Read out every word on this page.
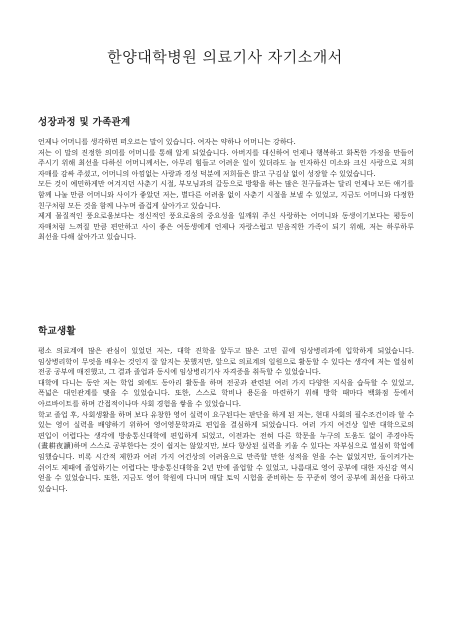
한양대학병원 의료기사 자기소개서
성장과정 및 가족관계

언제나 어머니를 생각하면 떠오르는 말이 있습니다. 여자는 약하나 어머니는 강하다.

저는 이 말의 진정한 의미를 어머니를 통해 알게 되었습니다. 아버지를 대신하여 언제나 행복하고 화목한 가정을 만들어 주시기 위해 최선을 다하신 어머니께서는, 아무리 힘들고 어려운 일이 있더라도 늘 인자하신 미소와 크신 사랑으로 저희 자매를 감싸 주셨고, 어머니의 아낌없는 사랑과 경성 덕분에 저희들은 밝고 구김살 없이 성장할 수 있었습니다.

모든 것이 예민하게만 여겨지던 사춘기 시절, 부모님과의 갈등으로 방황을 하는 많은 친구들과는 달리 언제나 모든 얘기를 함께 나눌 만큼 어머니와 사이가 좋았던 저는, 별다른 어려움 없이 사춘기 시절을 보낼 수 있었고, 지금도 어머니와 다정한 친구처럼 모든 것을 함께 나누며 즐겁게 살아가고 있습니다.

제게 물질적인 풍요로움보다는 정신적인 풍요로움의 중요성을 일깨워 주신 사랑하는 어머니와 동생이기보다는 평등이 자매처럼 느껴질 만큼 편안하고 사이 좋은 여동생에게 언제나 자랑스럽고 믿음직한 가족이 되기 위해, 저는 하루하루 최선을 다해 살아가고 있습니다.

학교생활

평소 의료계에 많은 관심이 있었던 저는, 대학 진학을 앞두고 많은 고민 끝에 임상병리과에 입학하게 되었습니다. 임상병리학이 무엇을 배우는 것인지 잘 알지는 못했지만, 앞으로 의료계의 일원으로 활동할 수 있다는 생각에 저는 열심히 전공 공부에 매진했고, 그 결과 졸업과 동시에 임상병리기사 자격증을 취득할 수 있었습니다.

대학에 다니는 동안 저는 학업 외에도 동아리 활동을 하며 전공과 관련된 여러 가지 다양한 지식을 습득할 수 있었고, 폭넓은 대인관계를 맺을 수 있었습니다. 또한, 스스로 학비나 용돈을 마련하기 위해 방학 때마다 백화점 등에서 아르바이트를 하며 간접적이나마 사회 경험을 쌓을 수 있었습니다.

학교 졸업 후, 사회생활을 하며 보다 유창한 영어 실력이 요구된다는 판단을 하게 된 저는, 현대 사회의 필수조건이라 할 수 있는 영어 실력을 배양하기 위하여 영어영문학과로 편입을 결심하게 되었습니다. 여러 가지 여건상 일반 대학으로의 편입이 어렵다는 생각에 방송통신대학에 편입하게 되었고, 이전과는 전혀 다른 학문을 누구의 도움도 없이 주경야독(晝耕夜讀)하며 스스로 공부한다는 것이 쉽지는 않았지만, 보다 향상된 실력을 키울 수 있다는 자부심으로 열심히 학업에 임했습니다. 비록 시간적 제한과 여러 가지 여건상의 어려움으로 만족할 만한 성적을 얻을 수는 없었지만, 돌이켜가는 쉬어도 제때에 졸업하기는 어렵다는 방송통신대학을 2년 만에 졸업할 수 있었고, 나름대로 영어 공부에 대한 자신감 역시 얻을 수 있었습니다. 또한, 지금도 영어 학원에 다니며 매달 토익 시험을 준비하는 등 꾸준히 영어 공부에 최선을 다하고 있습니다.
